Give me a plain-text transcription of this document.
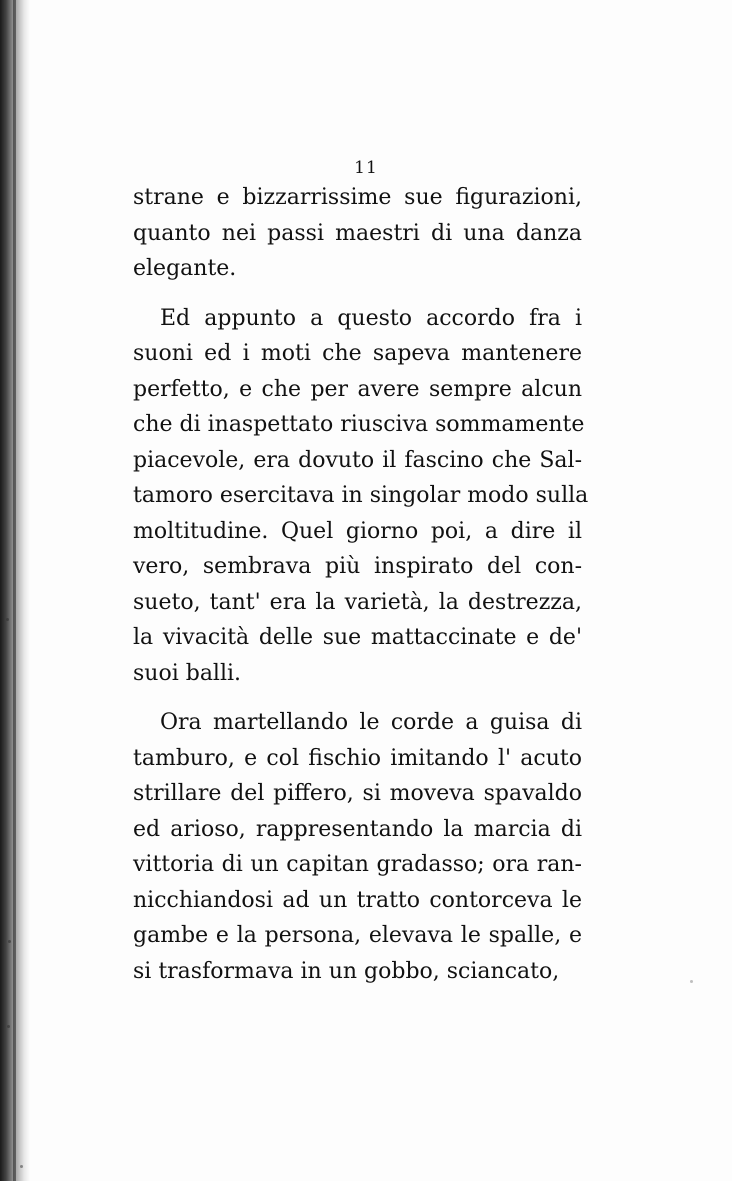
11
strane e bizzarrissime sue figurazioni,
quanto nei passi maestri di una danza
elegante.
Ed appunto a questo accordo fra i
suoni ed i moti che sapeva mantenere
perfetto, e che per avere sempre alcun
che di inaspettato riusciva sommamente
piacevole, era dovuto il fascino che Sal-
tamoro esercitava in singolar modo sulla
moltitudine. Quel giorno poi, a dire il
vero, sembrava più inspirato del con-
sueto, tant' era la varietà, la destrezza,
la vivacità delle sue mattaccinate e de'
suoi balli.
Ora martellando le corde a guisa di
tamburo, e col fischio imitando l' acuto
strillare del piffero, si moveva spavaldo
ed arioso, rappresentando la marcia di
vittoria di un capitan gradasso; ora ran-
nicchiandosi ad un tratto contorceva le
gambe e la persona, elevava le spalle, e
si trasformava in un gobbo, sciancato,
